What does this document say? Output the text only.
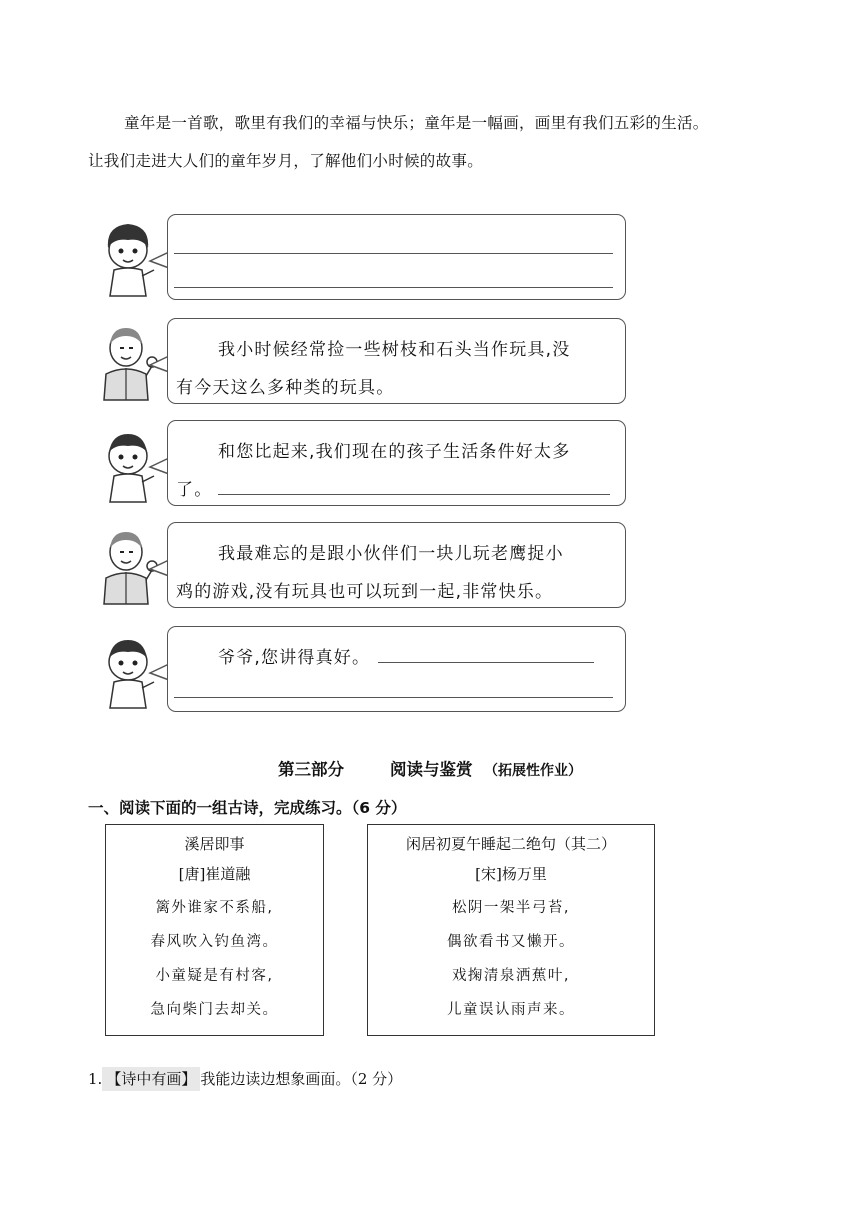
童年是一首歌，歌里有我们的幸福与快乐；童年是一幅画，画里有我们五彩的生活。

让我们走进大人们的童年岁月，了解他们小时候的故事。

我小时候经常捡一些树枝和石头当作玩具,没
有今天这么多种类的玩具。
和您比起来,我们现在的孩子生活条件好太多
了。
我最难忘的是跟小伙伴们一块儿玩老鹰捉小
鸡的游戏,没有玩具也可以玩到一起,非常快乐。
爷爷,您讲得真好。
第三部分	阅读与鉴赏 （拓展性作业）
一、阅读下面的一组古诗，完成练习。（6 分）
溪居即事
[唐]崔道融
篱外谁家不系船,
春风吹入钓鱼湾。
小童疑是有村客,
急向柴门去却关。
闲居初夏午睡起二绝句（其二）
[宋]杨万里
松阴一架半弓苔,
偶欲看书又懒开。
戏掬清泉洒蕉叶,
儿童误认雨声来。
1. 【诗中有画】 我能边读边想象画面。（2 分）
